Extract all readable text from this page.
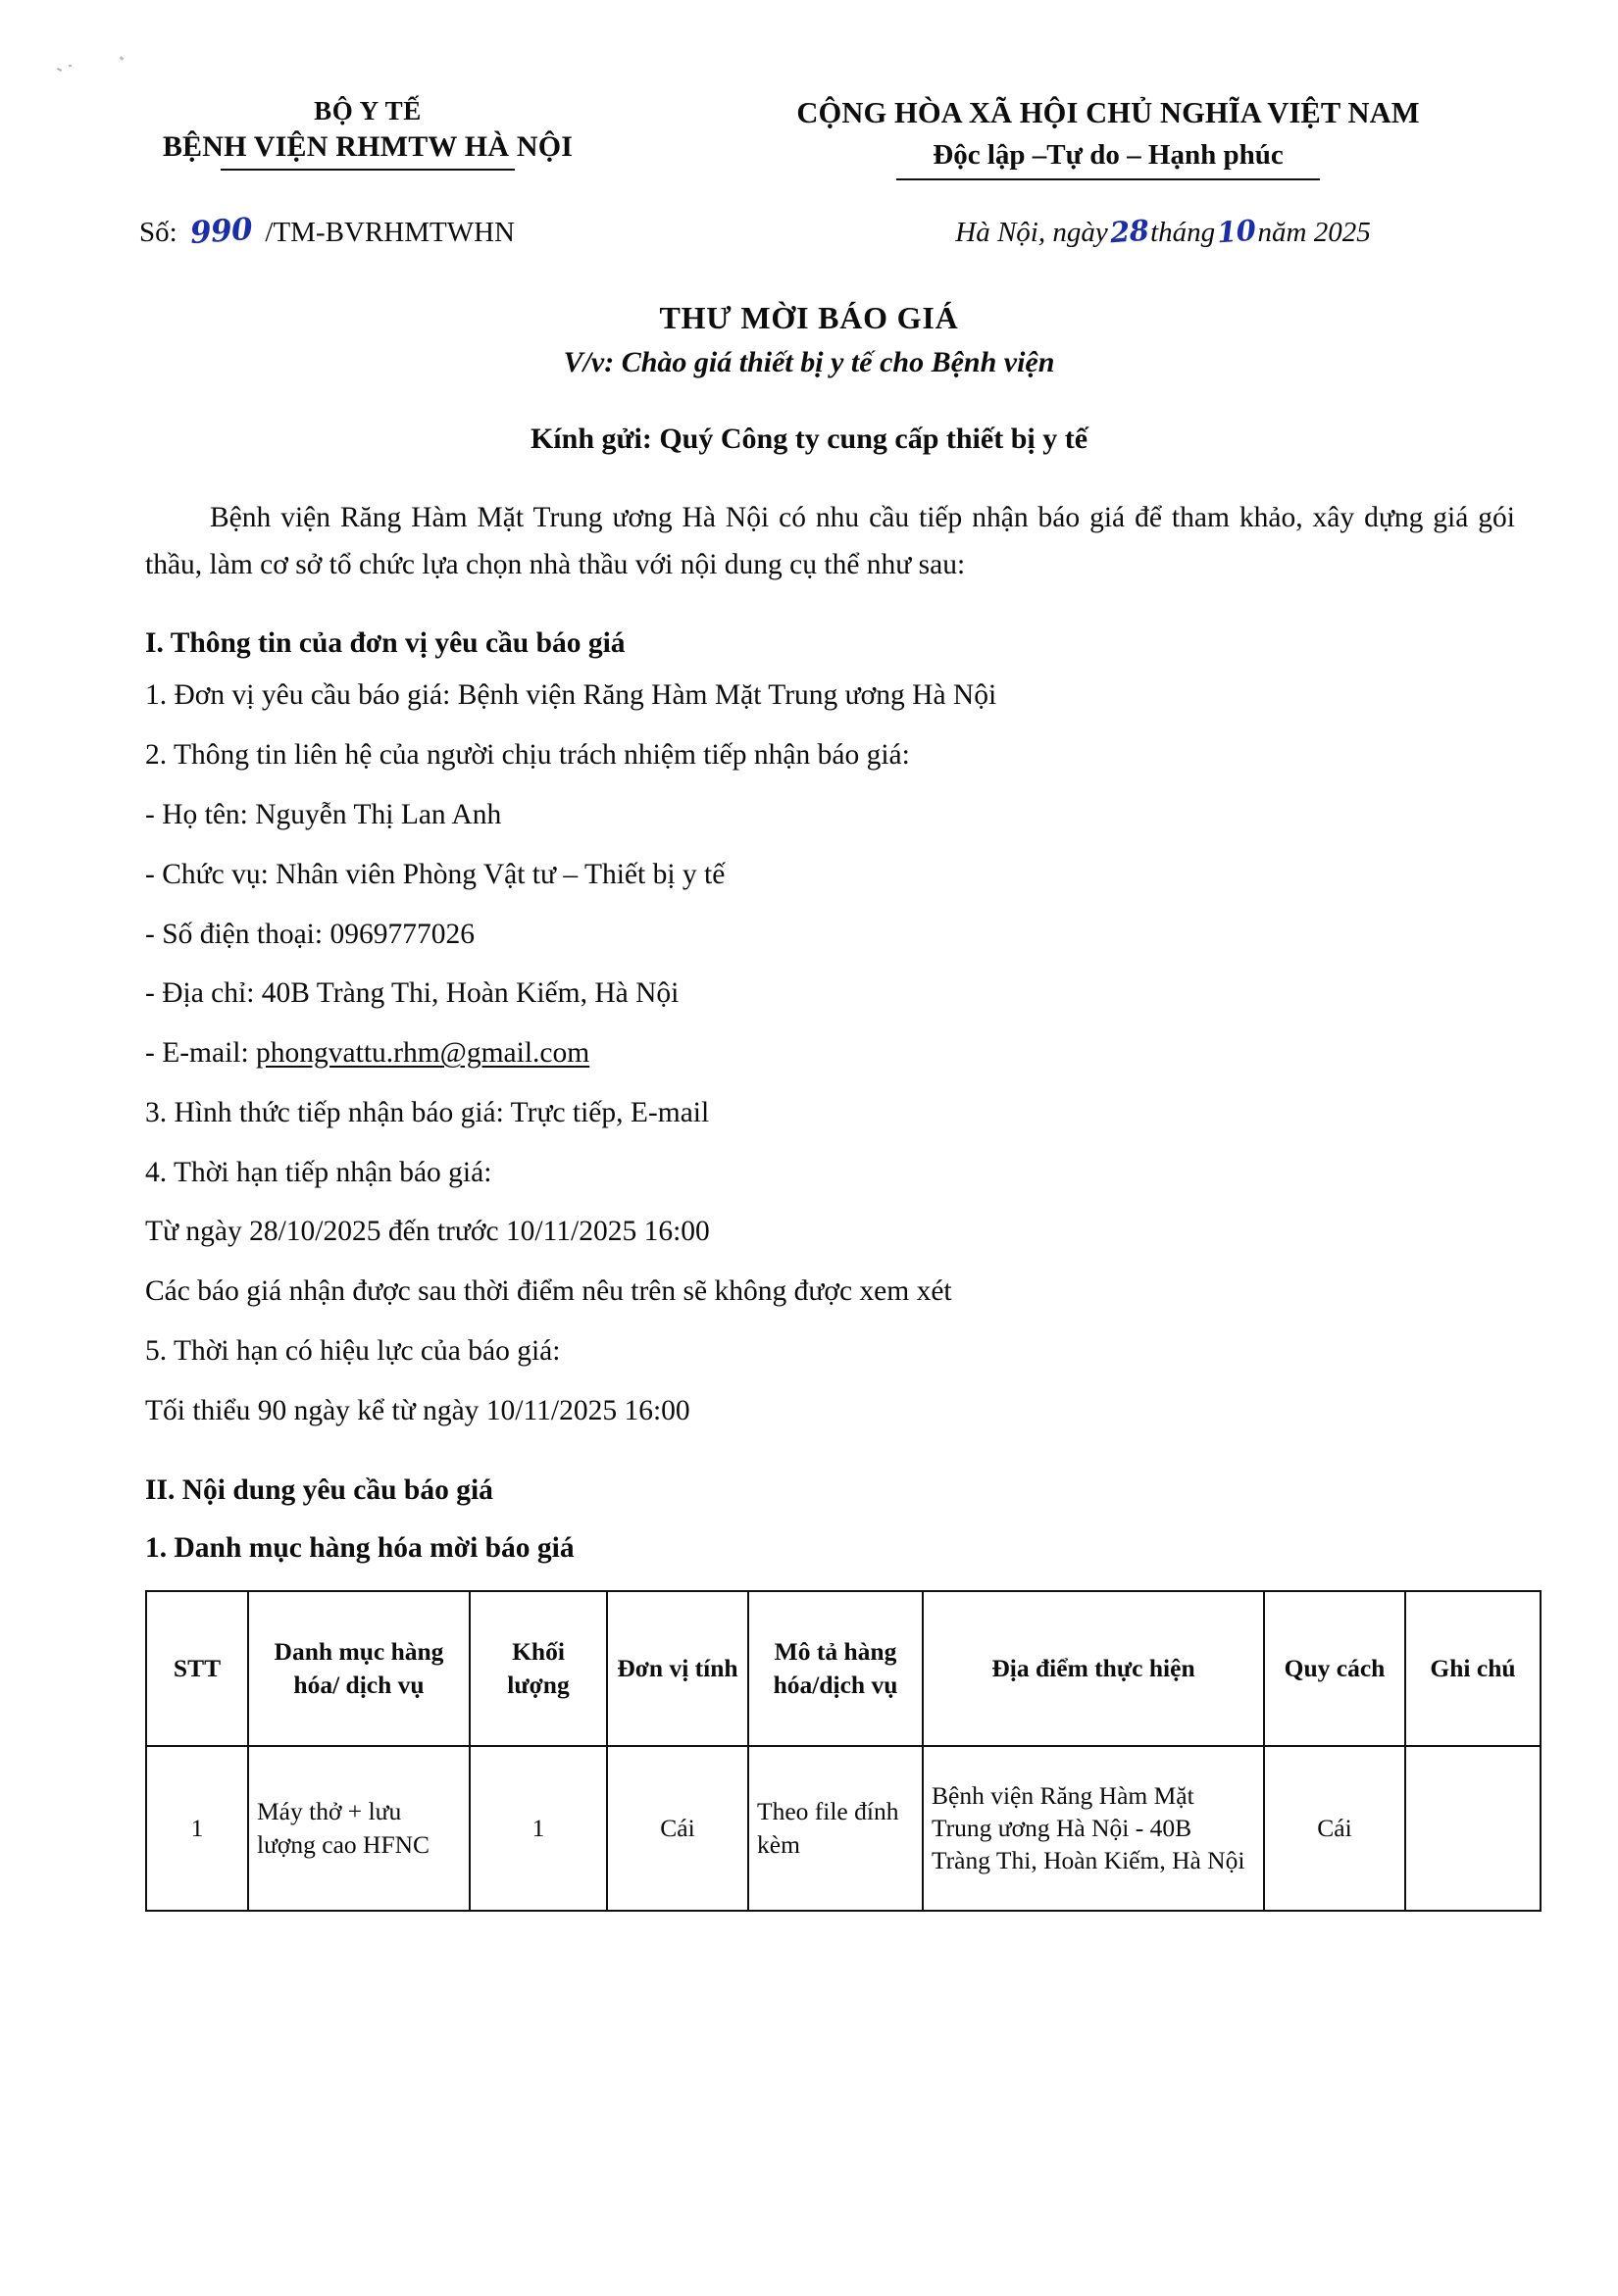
BỘ Y TẾ
BỆNH VIỆN RHMTW HÀ NỘI
CỘNG HÒA XÃ HỘI CHỦ NGHĨA VIỆT NAM
Độc lập –Tự do – Hạnh phúc
Số: 990 /TM-BVRHMTWHN	Hà Nội, ngày28tháng10năm 2025
THƯ MỜI BÁO GIÁ
V/v: Chào giá thiết bị y tế cho Bệnh viện
Kính gửi: Quý Công ty cung cấp thiết bị y tế
Bệnh viện Răng Hàm Mặt Trung ương Hà Nội có nhu cầu tiếp nhận báo giá để tham khảo, xây dựng giá gói thầu, làm cơ sở tổ chức lựa chọn nhà thầu với nội dung cụ thể như sau:
I. Thông tin của đơn vị yêu cầu báo giá
1. Đơn vị yêu cầu báo giá: Bệnh viện Răng Hàm Mặt Trung ương Hà Nội
2. Thông tin liên hệ của người chịu trách nhiệm tiếp nhận báo giá:
- Họ tên: Nguyễn Thị Lan Anh
- Chức vụ: Nhân viên Phòng Vật tư – Thiết bị y tế
- Số điện thoại: 0969777026
- Địa chỉ: 40B Tràng Thi, Hoàn Kiếm, Hà Nội
- E-mail: phongvattu.rhm@gmail.com
3. Hình thức tiếp nhận báo giá: Trực tiếp, E-mail
4. Thời hạn tiếp nhận báo giá:
Từ ngày 28/10/2025 đến trước 10/11/2025 16:00
Các báo giá nhận được sau thời điểm nêu trên sẽ không được xem xét
5. Thời hạn có hiệu lực của báo giá:
Tối thiểu 90 ngày kể từ ngày 10/11/2025 16:00
II. Nội dung yêu cầu báo giá
1. Danh mục hàng hóa mời báo giá
STT	Danh mục hàng hóa/ dịch vụ	Khối lượng	Đơn vị tính	Mô tả hàng hóa/dịch vụ	Địa điểm thực hiện	Quy cách	Ghi chú
1	Máy thở + lưu lượng cao HFNC	1	Cái	Theo file đính kèm	Bệnh viện Răng Hàm Mặt Trung ương Hà Nội - 40B Tràng Thi, Hoàn Kiếm, Hà Nội	Cái	
